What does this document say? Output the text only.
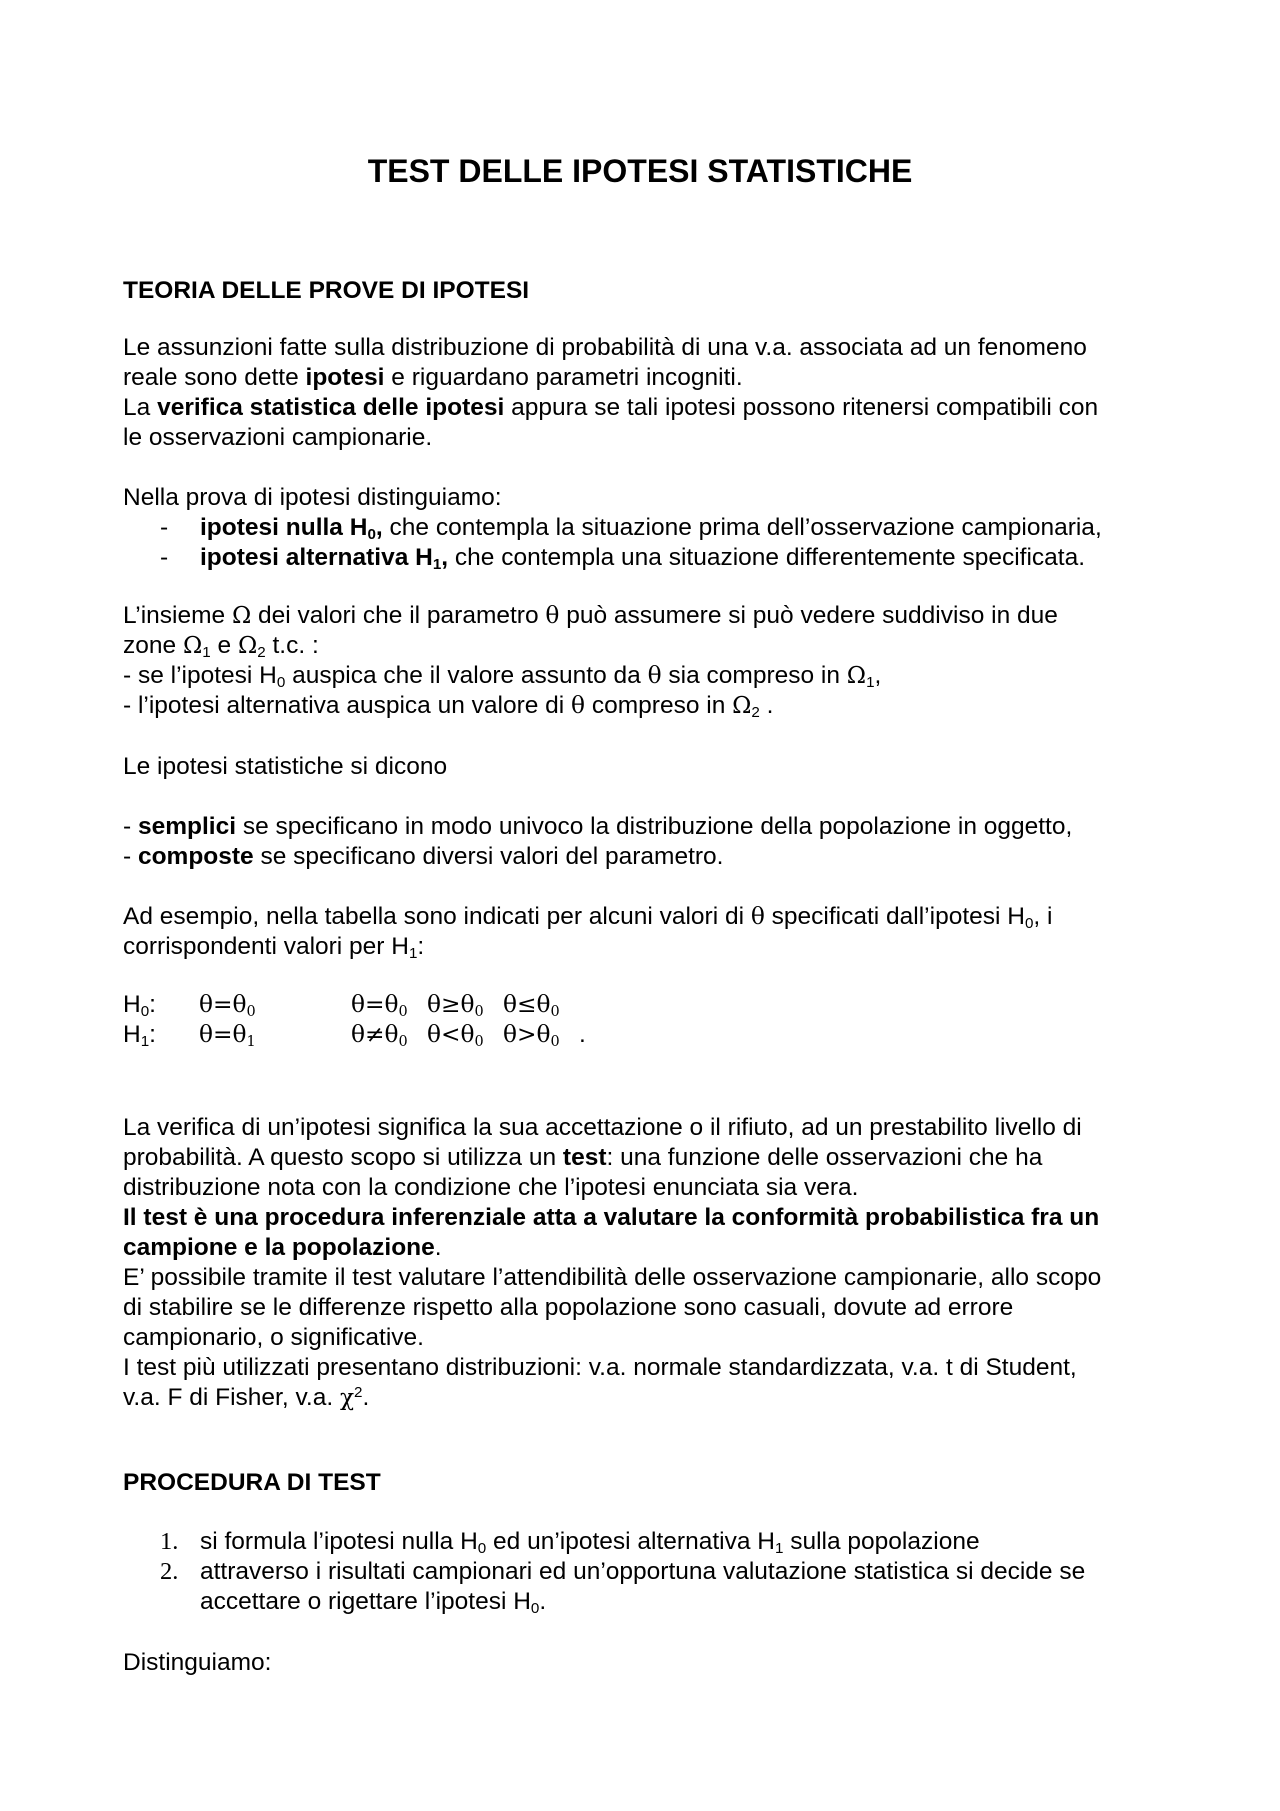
TEST DELLE IPOTESI STATISTICHE
TEORIA DELLE PROVE DI IPOTESI
Le assunzioni fatte sulla distribuzione di probabilità di una v.a. associata ad un fenomeno
reale sono dette ipotesi e riguardano parametri incogniti.
La verifica statistica delle ipotesi appura se tali ipotesi possono ritenersi compatibili con
le osservazioni campionarie.
Nella prova di ipotesi distinguiamo:
- ipotesi nulla H0, che contempla la situazione prima dell’osservazione campionaria,
- ipotesi alternativa H1, che contempla una situazione differentemente specificata.
L’insieme Ω dei valori che il parametro θ può assumere si può vedere suddiviso in due
zone Ω1 e Ω2 t.c. :
- se l’ipotesi H0 auspica che il valore assunto da θ sia compreso in Ω1,
- l’ipotesi alternativa auspica un valore di θ compreso in Ω2 .
Le ipotesi statistiche si dicono
- semplici se specificano in modo univoco la distribuzione della popolazione in oggetto,
- composte se specificano diversi valori del parametro.
Ad esempio, nella tabella sono indicati per alcuni valori di θ specificati dall’ipotesi H0, i
corrispondenti valori per H1:
H0:	θ=θ0	θ=θ0	θ≥θ0	θ≤θ0	
H1:	θ=θ1	θ≠θ0	θ<θ0	θ>θ0	.
La verifica di un’ipotesi significa la sua accettazione o il rifiuto, ad un prestabilito livello di
probabilità. A questo scopo si utilizza un test: una funzione delle osservazioni che ha
distribuzione nota con la condizione che l’ipotesi enunciata sia vera.
Il test è una procedura inferenziale atta a valutare la conformità probabilistica fra un
campione e la popolazione.
E’ possibile tramite il test valutare l’attendibilità delle osservazione campionarie, allo scopo
di stabilire se le differenze rispetto alla popolazione sono casuali, dovute ad errore
campionario, o significative.
I test più utilizzati presentano distribuzioni: v.a. normale standardizzata, v.a. t di Student,
v.a. F di Fisher, v.a. $\chi^2$.
PROCEDURA DI TEST
1. si formula l’ipotesi nulla H0 ed un’ipotesi alternativa H1 sulla popolazione
2. attraverso i risultati campionari ed un’opportuna valutazione statistica si decide se
accettare o rigettare l’ipotesi H0.
Distinguiamo:
